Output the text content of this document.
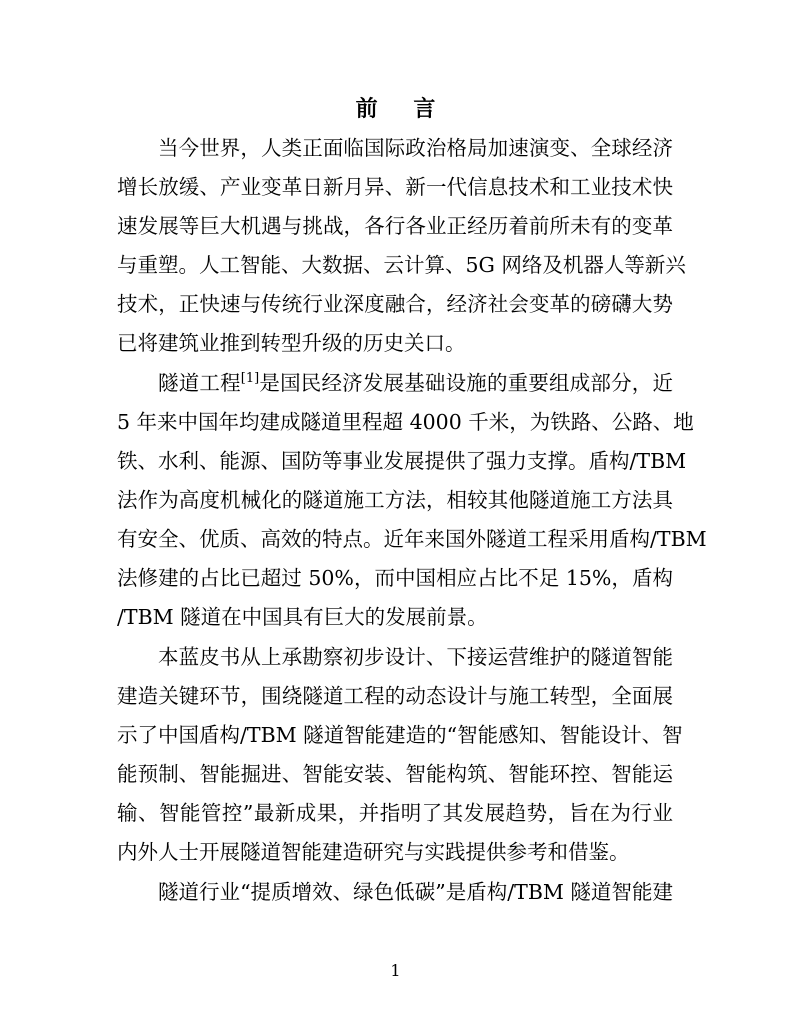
前 言
当今世界，人类正面临国际政治格局加速演变、全球经济
增长放缓、产业变革日新月异、新一代信息技术和工业技术快
速发展等巨大机遇与挑战，各行各业正经历着前所未有的变革
与重塑。人工智能、大数据、云计算、5G 网络及机器人等新兴
技术，正快速与传统行业深度融合，经济社会变革的磅礴大势
已将建筑业推到转型升级的历史关口。
隧道工程[1]是国民经济发展基础设施的重要组成部分，近
5 年来中国年均建成隧道里程超 4000 千米，为铁路、公路、地
铁、水利、能源、国防等事业发展提供了强力支撑。盾构/TBM
法作为高度机械化的隧道施工方法，相较其他隧道施工方法具
有安全、优质、高效的特点。近年来国外隧道工程采用盾构/TBM
法修建的占比已超过 50%，而中国相应占比不足 15%，盾构
/TBM 隧道在中国具有巨大的发展前景。
本蓝皮书从上承勘察初步设计、下接运营维护的隧道智能
建造关键环节，围绕隧道工程的动态设计与施工转型，全面展
示了中国盾构/TBM 隧道智能建造的“智能感知、智能设计、智
能预制、智能掘进、智能安装、智能构筑、智能环控、智能运
输、智能管控”最新成果，并指明了其发展趋势，旨在为行业
内外人士开展隧道智能建造研究与实践提供参考和借鉴。
隧道行业“提质增效、绿色低碳”是盾构/TBM 隧道智能建
1
